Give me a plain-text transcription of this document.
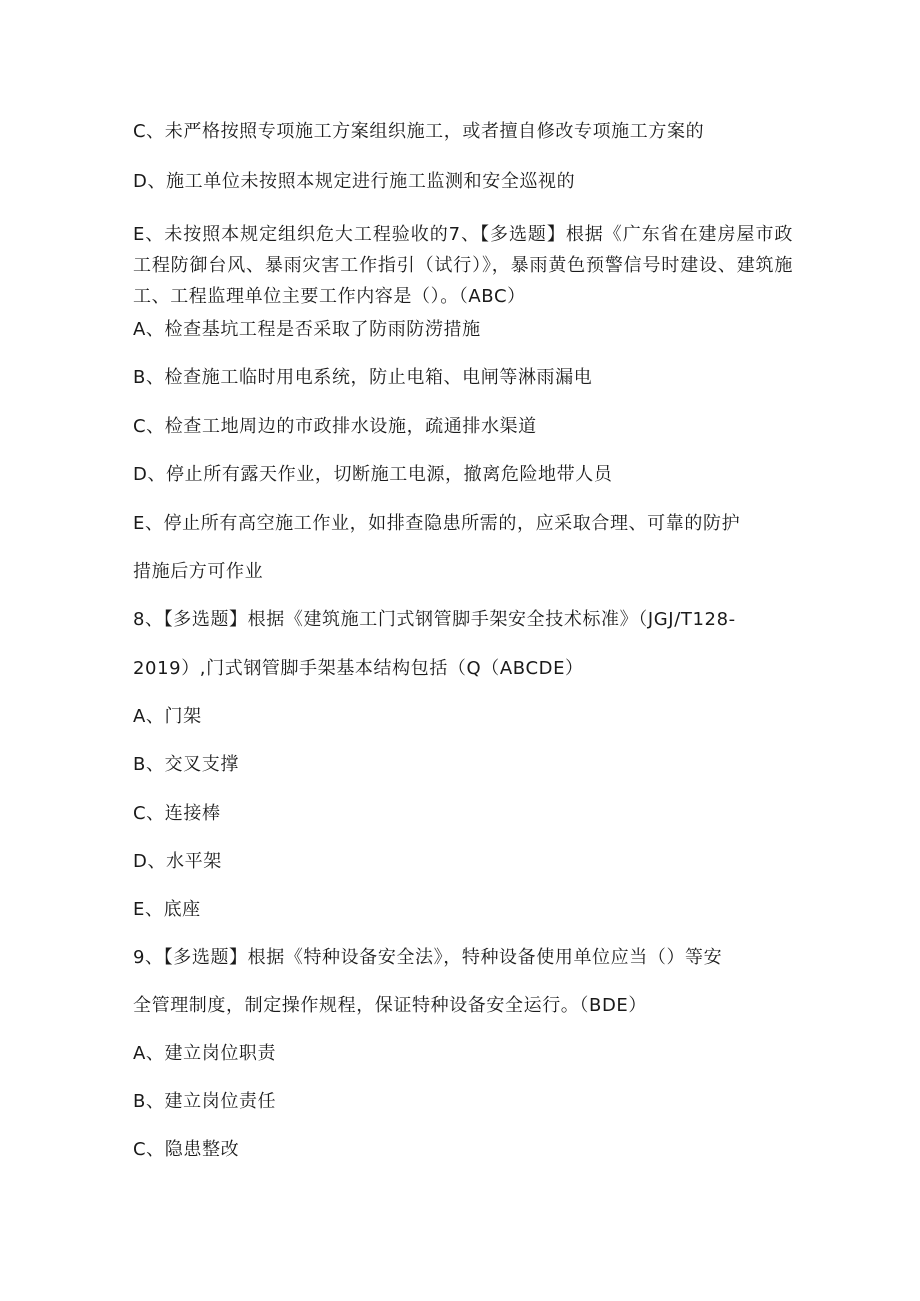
C、未严格按照专项施工方案组织施工，或者擅自修改专项施工方案的
D、施工单位未按照本规定进行施工监测和安全巡视的
E、未按照本规定组织危大工程验收的7、【多选题】根据《广东省在建房屋市政工程防御台风、暴雨灾害工作指引（试行）》，暴雨黄色预警信号时建设、建筑施工、工程监理单位主要工作内容是（）。（ABC）
A、检查基坑工程是否采取了防雨防涝措施
B、检查施工临时用电系统，防止电箱、电闸等淋雨漏电
C、检查工地周边的市政排水设施，疏通排水渠道
D、停止所有露天作业，切断施工电源，撤离危险地带人员
E、停止所有高空施工作业，如排查隐患所需的，应采取合理、可靠的防护
措施后方可作业
8、【多选题】根据《建筑施工门式钢管脚手架安全技术标准》（JGJ/T128-
2019）,门式钢管脚手架基本结构包括（Q（ABCDE）
A、门架
B、交叉支撑
C、连接棒
D、水平架
E、底座
9、【多选题】根据《特种设备安全法》，特种设备使用单位应当（）等安
全管理制度，制定操作规程，保证特种设备安全运行。（BDE）
A、建立岗位职责
B、建立岗位责任
C、隐患整改
